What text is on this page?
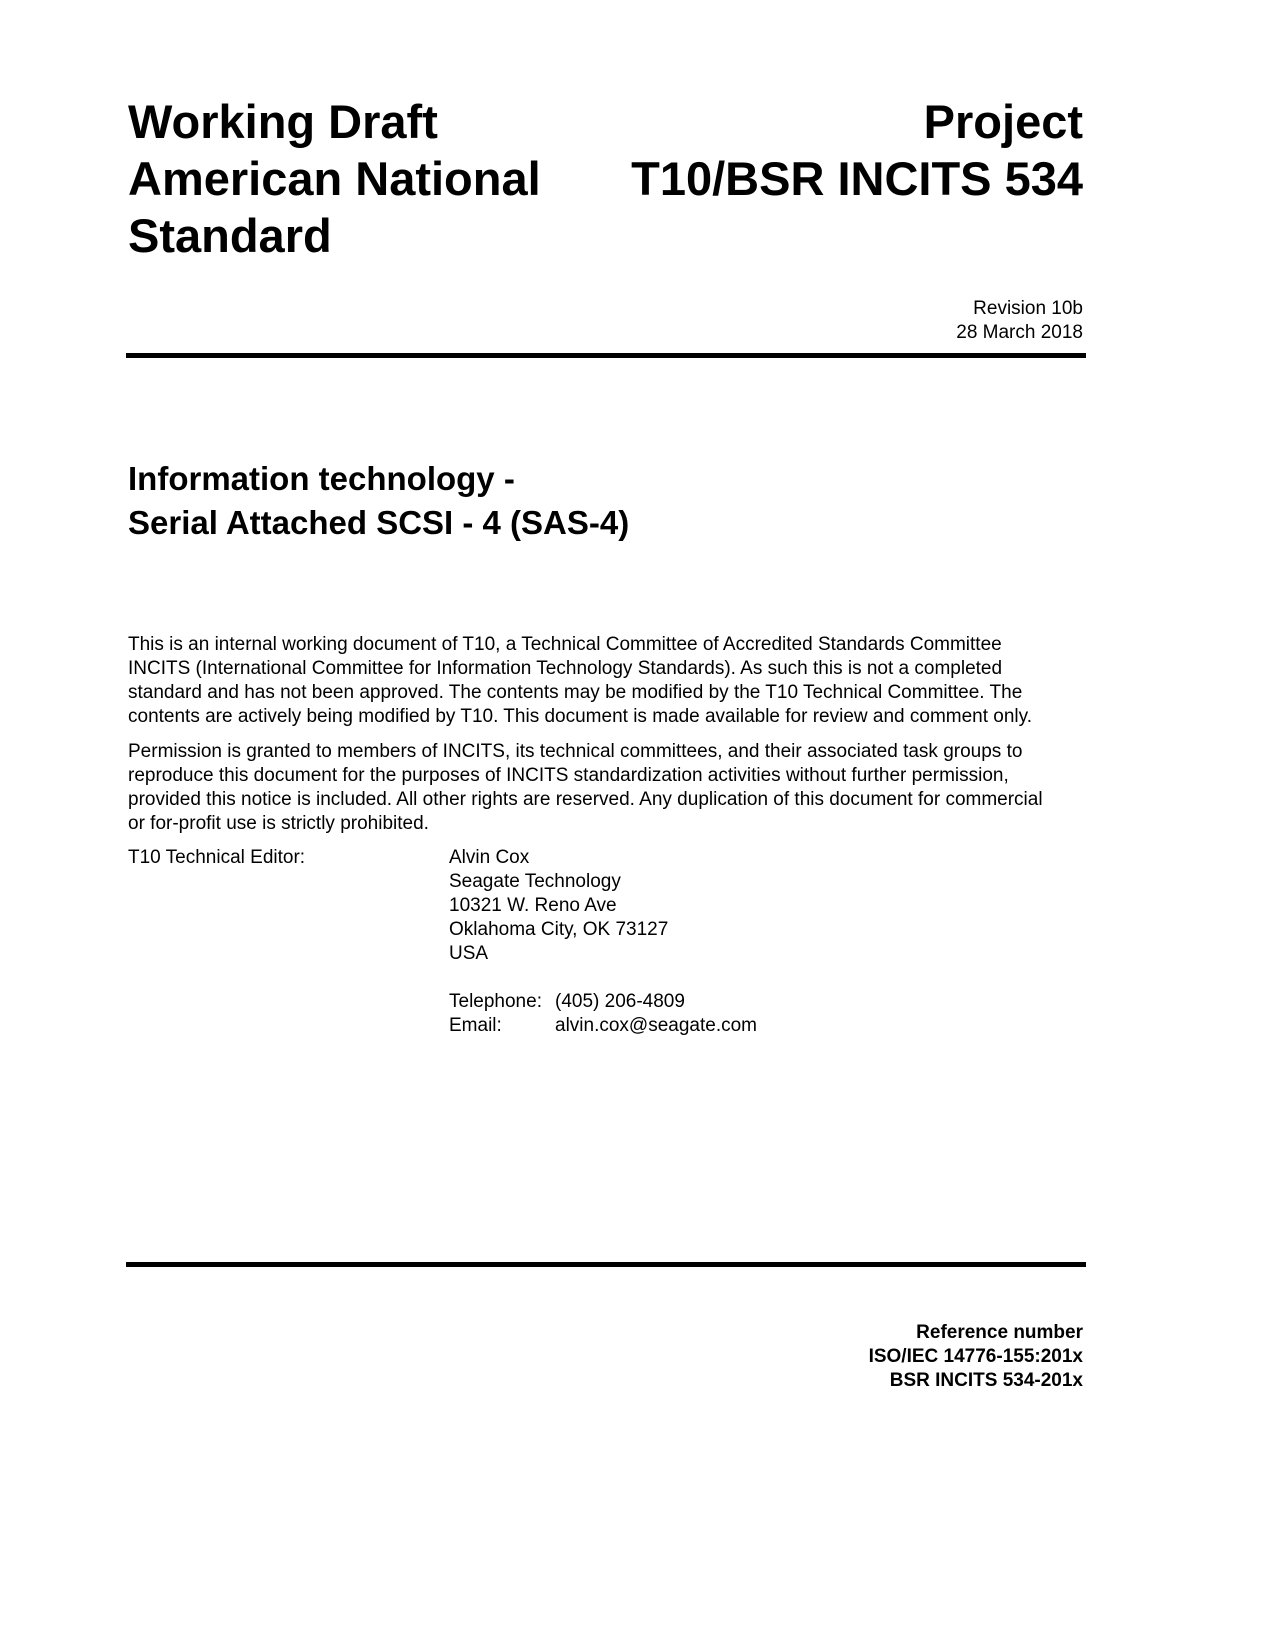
Working Draft
American National
Standard
Project
T10/BSR INCITS 534
Revision 10b
28 March 2018
Information technology -
Serial Attached SCSI - 4 (SAS-4)
This is an internal working document of T10, a Technical Committee of Accredited Standards Committee
INCITS (International Committee for Information Technology Standards). As such this is not a completed
standard and has not been approved. The contents may be modified by the T10 Technical Committee. The
contents are actively being modified by T10. This document is made available for review and comment only.
Permission is granted to members of INCITS, its technical committees, and their associated task groups to
reproduce this document for the purposes of INCITS standardization activities without further permission,
provided this notice is included. All other rights are reserved. Any duplication of this document for commercial
or for-profit use is strictly prohibited.
T10 Technical Editor:	Alvin Cox
Seagate Technology
10321 W. Reno Ave
Oklahoma City, OK 73127
USA
Telephone: (405) 206-4809
Email:	alvin.cox@seagate.com
Reference number
ISO/IEC 14776-155:201x
BSR INCITS 534-201x
